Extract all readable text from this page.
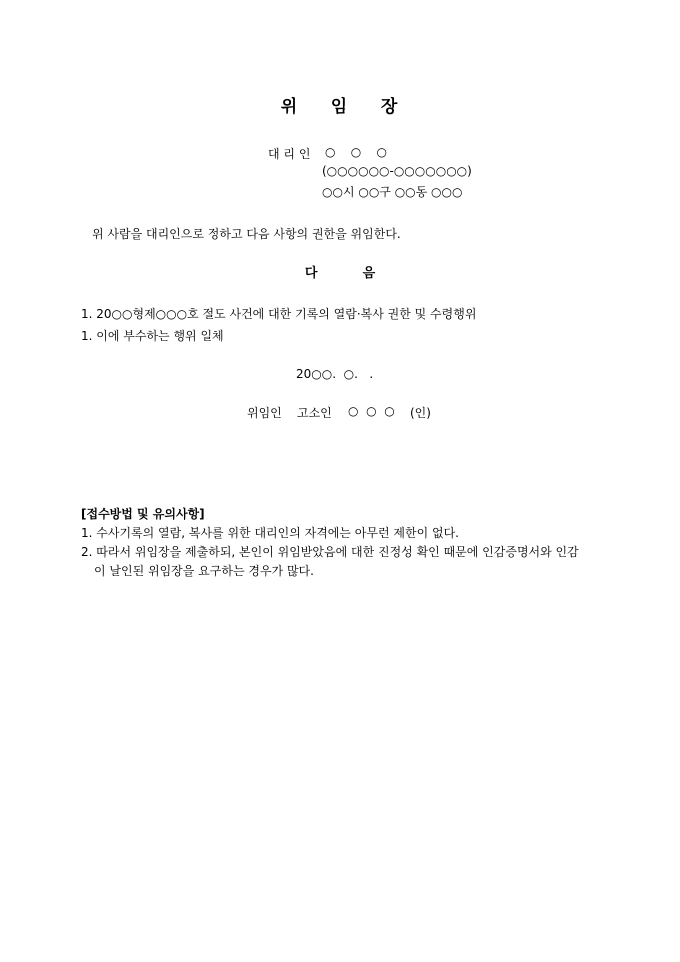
위    임    장
대 리 인 ○    ○    ○
(○○○○○○-○○○○○○○)
○○시 ○○구 ○○동 ○○○
위 사람을 대리인으로 정하고 다음 사항의 권한을 위임한다.
다          음
1. 20○○형제○○○호 절도 사건에 대한 기록의 열람·복사 권한 및 수령행위
1. 이에 부수하는 행위 일체
20○○.  ○.   .
위임인 고소인 ○  ○  ○ (인)
[접수방법 및 유의사항]
1. 수사기록의 열람, 복사를 위한 대리인의 자격에는 아무런 제한이 없다.
2. 따라서 위임장을 제출하되, 본인이 위임받았음에 대한 진정성 확인 때문에 인감증명서와 인감
이 날인된 위임장을 요구하는 경우가 많다.
